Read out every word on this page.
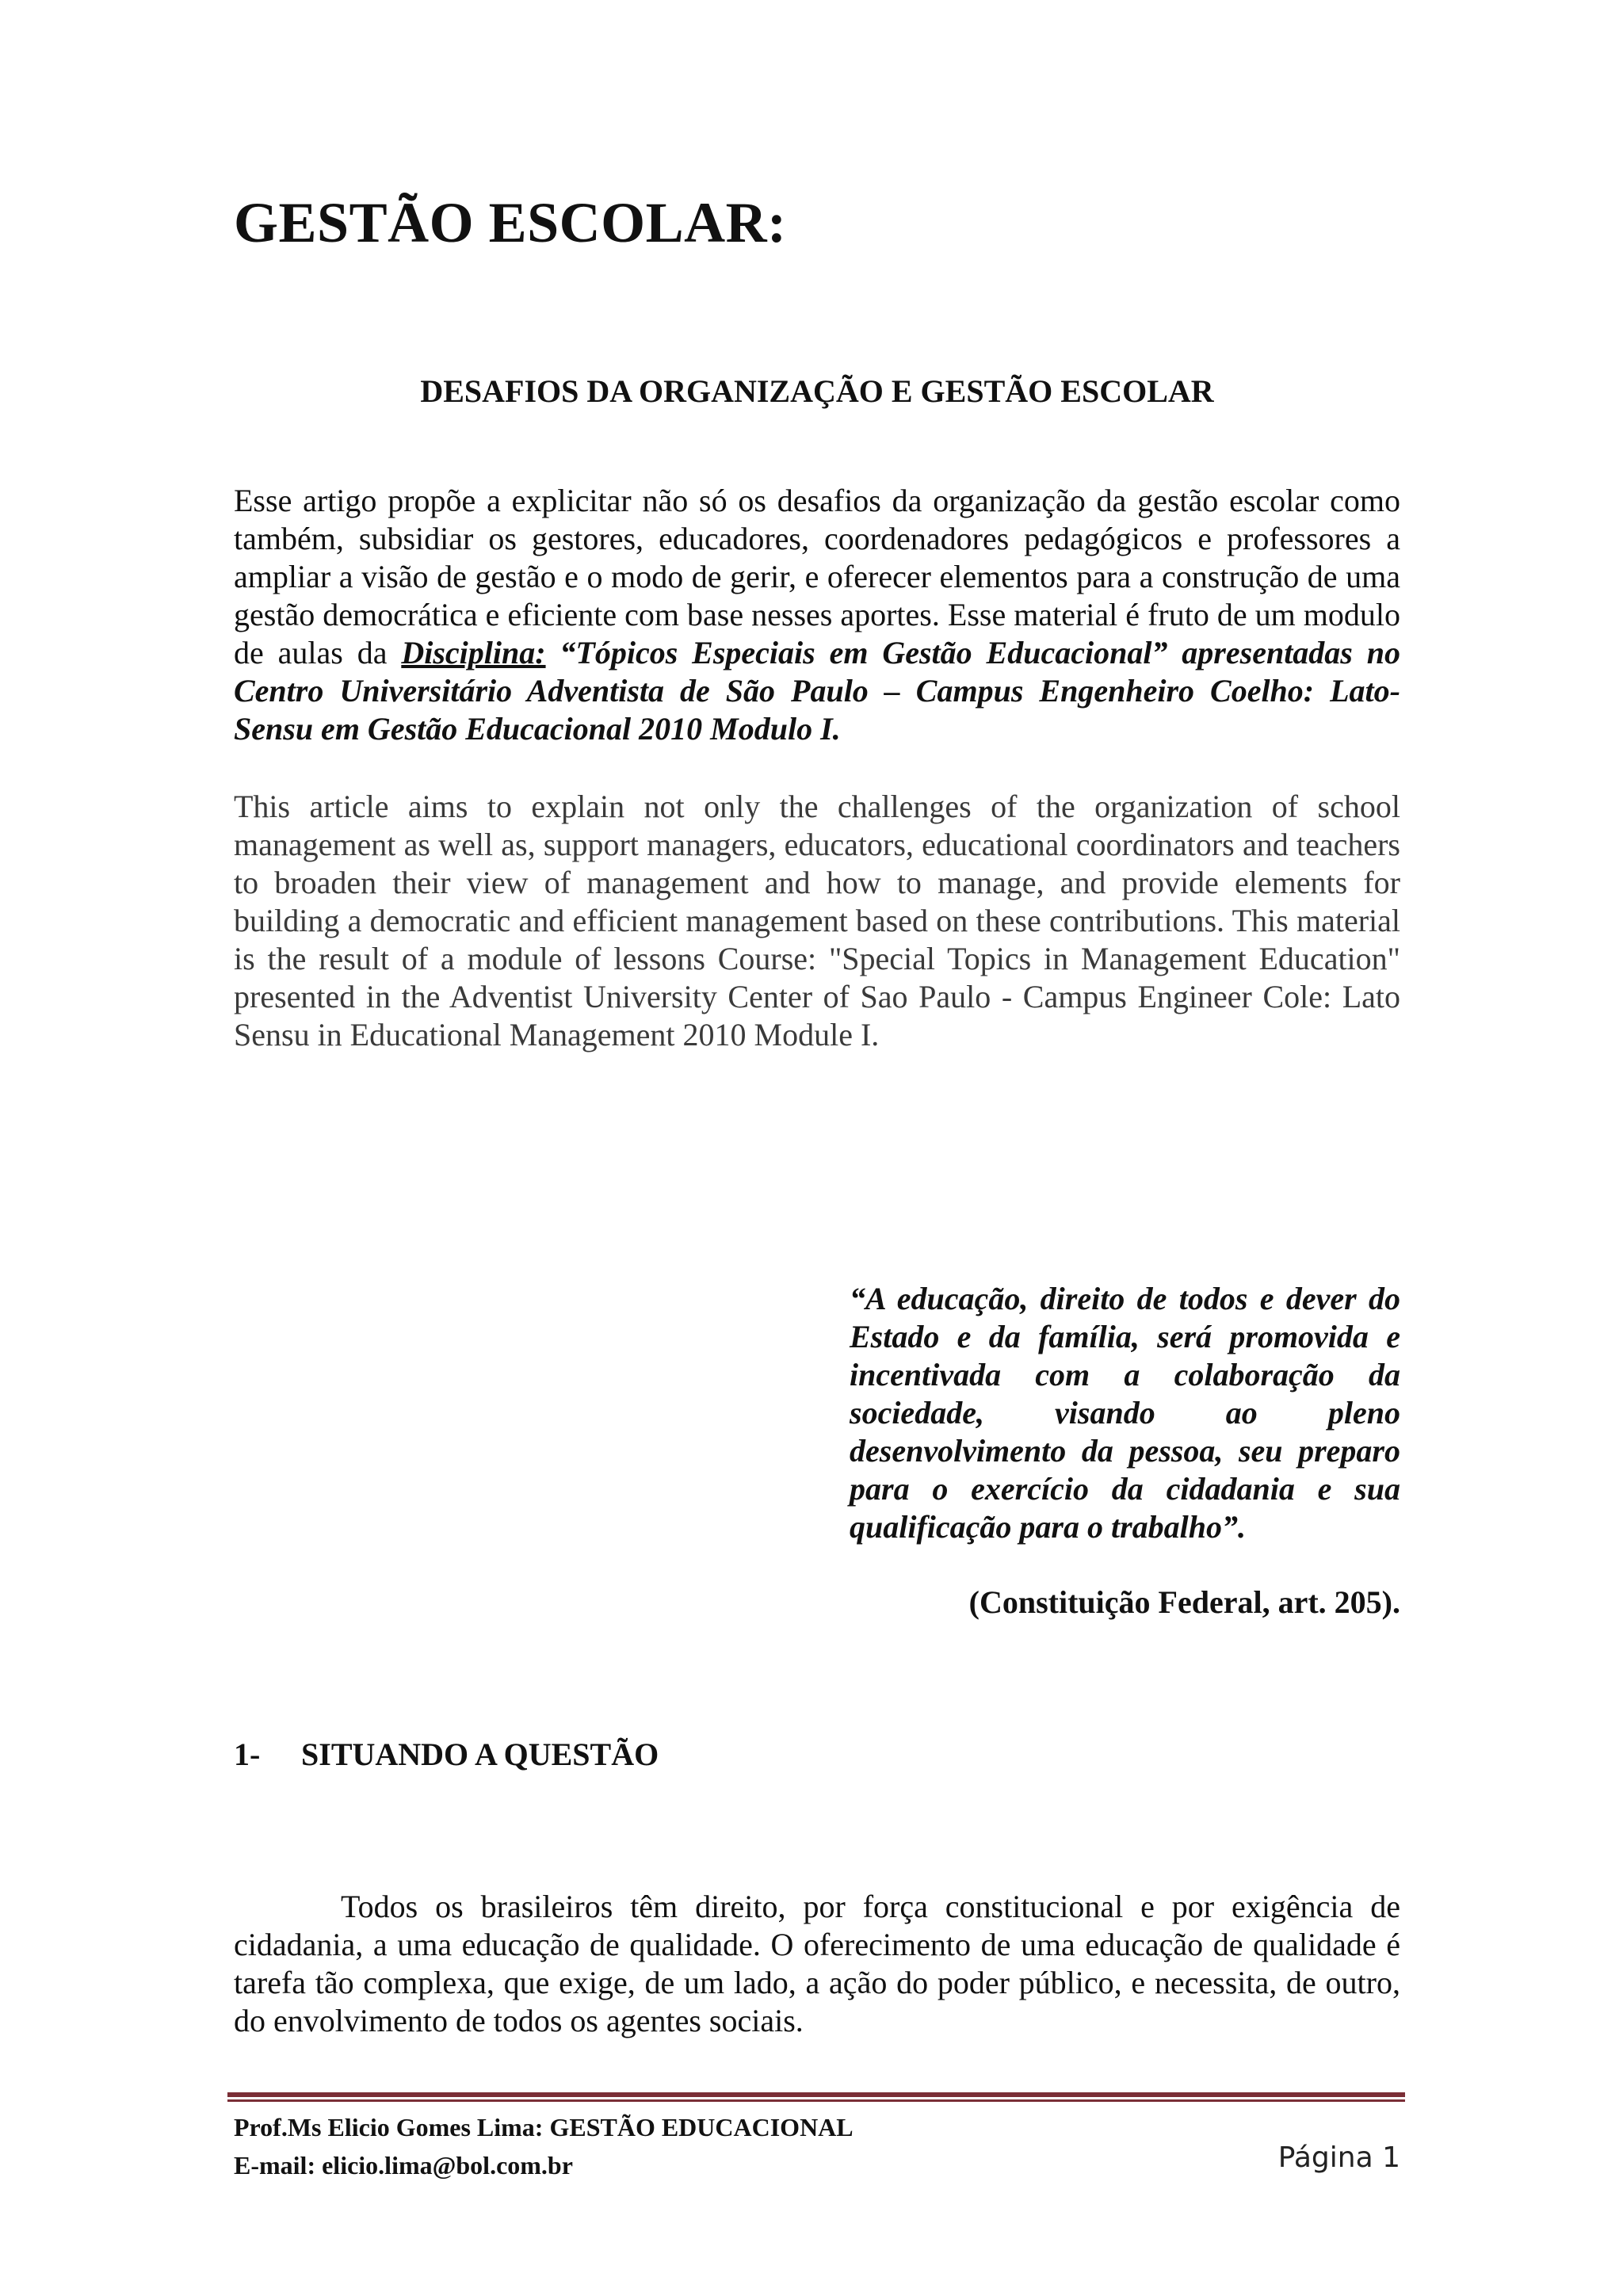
GESTÃO ESCOLAR:
DESAFIOS DA ORGANIZAÇÃO E GESTÃO ESCOLAR

Esse artigo propõe a explicitar não só os desafios da organização da gestão escolar como também, subsidiar os gestores, educadores, coordenadores pedagógicos e professores a ampliar a visão de gestão e o modo de gerir, e oferecer elementos para a construção de uma gestão democrática e eficiente com base nesses aportes. Esse material é fruto de um modulo de aulas da Disciplina: “Tópicos Especiais em Gestão Educacional” apresentadas no Centro Universitário Adventista de São Paulo – Campus Engenheiro Coelho: Lato-Sensu em Gestão Educacional 2010 Modulo I.

This article aims to explain not only the challenges of the organization of school management as well as, support managers, educators, educational coordinators and teachers to broaden their view of management and how to manage, and provide elements for building a democratic and efficient management based on these contributions. This material is the result of a module of lessons Course: "Special Topics in Management Education" presented in the Adventist University Center of Sao Paulo - Campus Engineer Cole: Lato Sensu in Educational Management 2010 Module I.

“A educação, direito de todos e dever do Estado e da família, será promovida e incentivada com a colaboração da sociedade, visando ao pleno desenvolvimento da pessoa, seu preparo para o exercício da cidadania e sua qualificação para o trabalho”.

(Constituição Federal, art. 205).

1- SITUANDO A QUESTÃO

Todos os brasileiros têm direito, por força constitucional e por exigência de cidadania, a uma educação de qualidade. O oferecimento de uma educação de qualidade é tarefa tão complexa, que exige, de um lado, a ação do poder público, e necessita, de outro, do envolvimento de todos os agentes sociais.

Prof.Ms Elicio Gomes Lima: GESTÃO EDUCACIONAL

E-mail: elicio.lima@bol.com.br	Página 1
